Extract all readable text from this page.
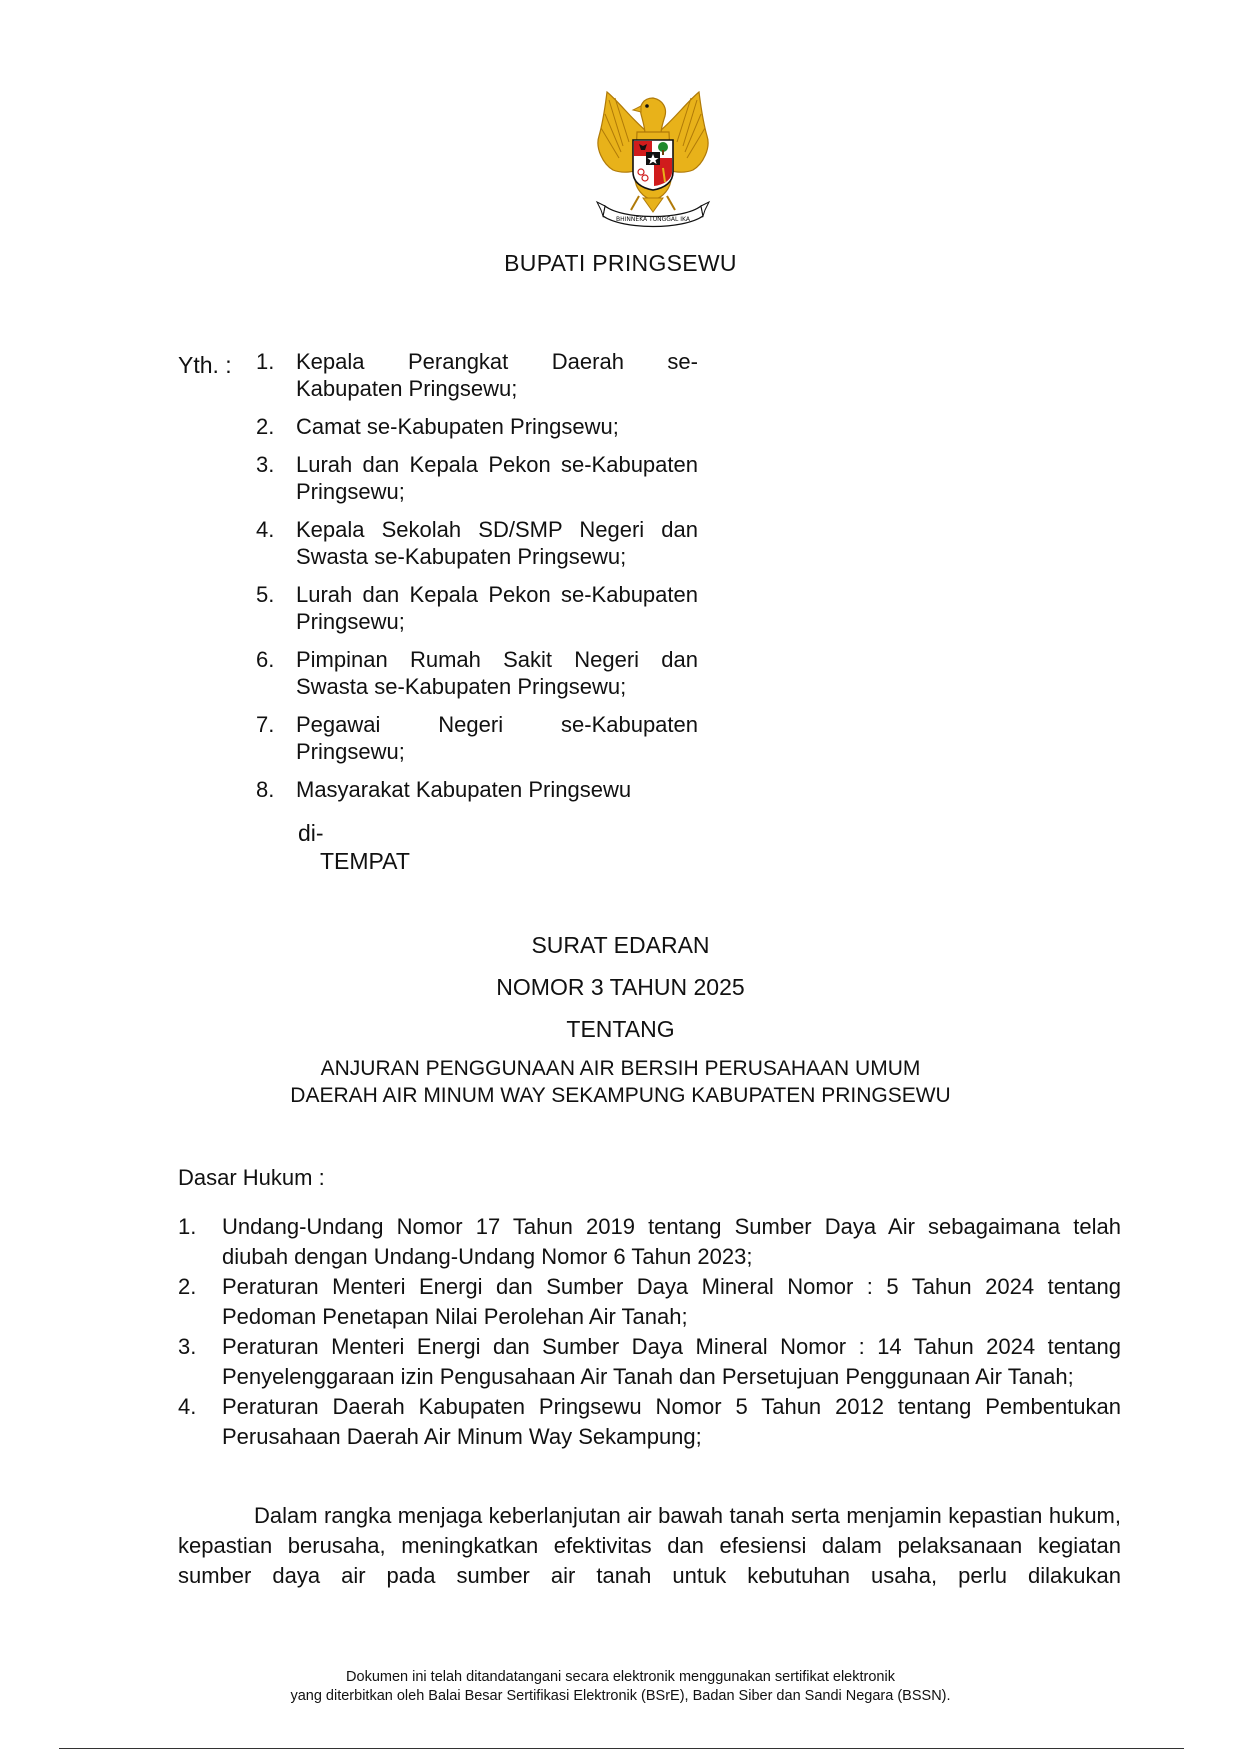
BHINNEKA TUNGGAL IKA
BUPATI PRINGSEWU
Yth. : 1. Kepala Perangkat Daerah se-
Kabupaten Pringsewu;
2. Camat se-Kabupaten Pringsewu;
3. Lurah dan Kepala Pekon se-Kabupaten Pringsewu;
4. Kepala Sekolah SD/SMP Negeri dan Swasta se-Kabupaten Pringsewu;
5. Lurah dan Kepala Pekon se-Kabupaten Pringsewu;
6. Pimpinan Rumah Sakit Negeri dan Swasta se-Kabupaten Pringsewu;
7. Pegawai Negeri se-Kabupaten
Pringsewu;
8. Masyarakat Kabupaten Pringsewu
di-
TEMPAT
SURAT EDARAN
NOMOR 3 TAHUN 2025
TENTANG
ANJURAN PENGGUNAAN AIR BERSIH PERUSAHAAN UMUM
DAERAH AIR MINUM WAY SEKAMPUNG KABUPATEN PRINGSEWU
Dasar Hukum :
1.	Undang-Undang Nomor 17 Tahun 2019 tentang Sumber Daya Air sebagaimana telah diubah dengan Undang-Undang Nomor 6 Tahun 2023;
2.	Peraturan Menteri Energi dan Sumber Daya Mineral Nomor : 5 Tahun 2024 tentang Pedoman Penetapan Nilai Perolehan Air Tanah;
3.	Peraturan Menteri Energi dan Sumber Daya Mineral Nomor : 14 Tahun 2024 tentang Penyelenggaraan izin Pengusahaan Air Tanah dan Persetujuan Penggunaan Air Tanah;
4.	Peraturan Daerah Kabupaten Pringsewu Nomor 5 Tahun 2012 tentang Pembentukan Perusahaan Daerah Air Minum Way Sekampung;

Dalam rangka menjaga keberlanjutan air bawah tanah serta menjamin kepastian hukum, kepastian berusaha, meningkatkan efektivitas dan efesiensi dalam pelaksanaan kegiatan sumber daya air pada sumber air tanah untuk kebutuhan usaha, perlu dilakukan

Dokumen ini telah ditandatangani secara elektronik menggunakan sertifikat elektronik
yang diterbitkan oleh Balai Besar Sertifikasi Elektronik (BSrE), Badan Siber dan Sandi Negara (BSSN).
